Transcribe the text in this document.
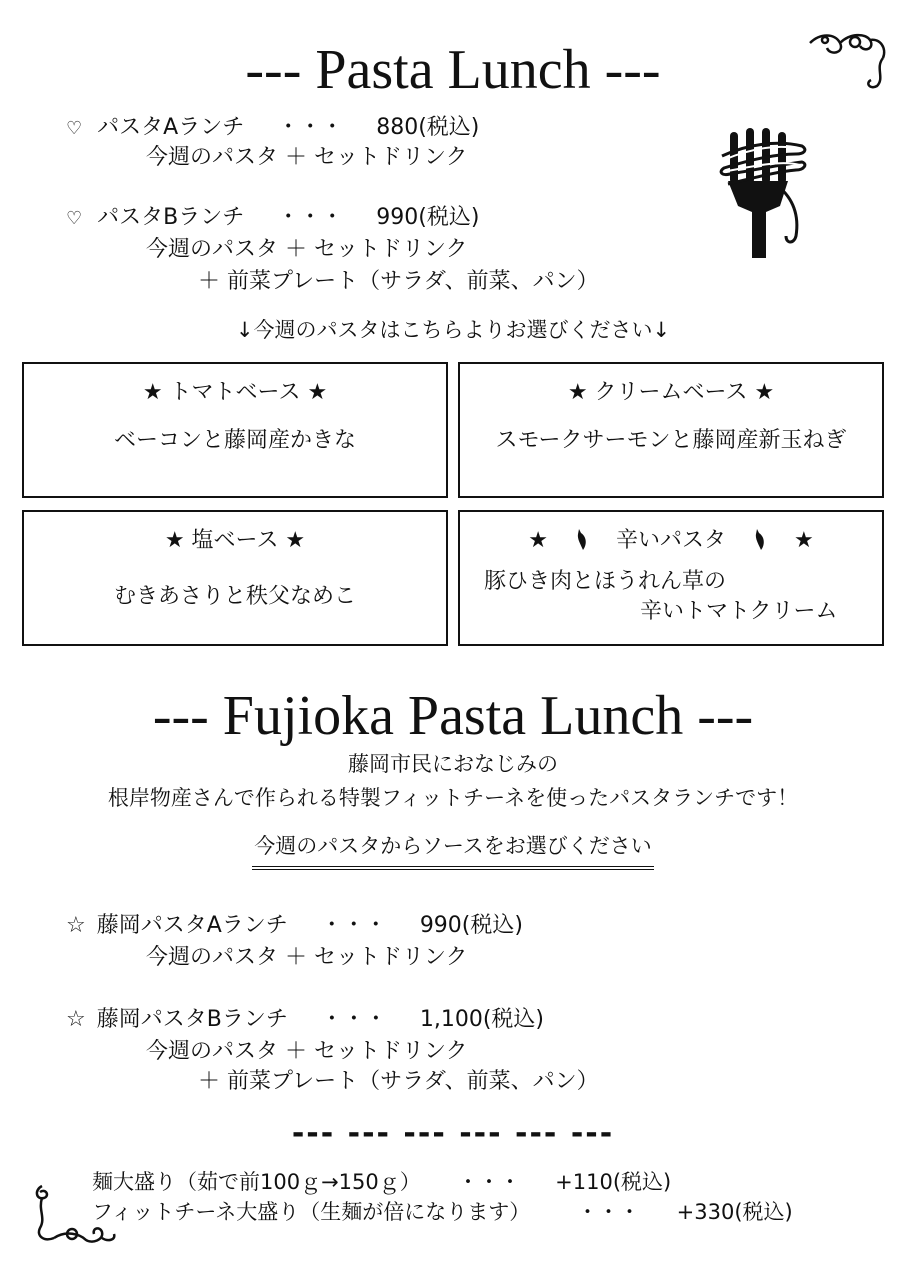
--- Pasta Lunch ---
♡ パスタAランチ ・・・ 880(税込)
今週のパスタ ＋ セットドリンク
♡ パスタBランチ ・・・ 990(税込)
今週のパスタ ＋ セットドリンク
＋ 前菜プレート（サラダ、前菜、パン）
↓今週のパスタはこちらよりお選びください↓
★ トマトベース ★
ベーコンと藤岡産かきな
★ クリームベース ★
スモークサーモンと藤岡産新玉ねぎ
★ 塩ベース ★
むきあさりと秩父なめこ
★	辛いパスタ	★
豚ひき肉とほうれん草の
辛いトマトクリーム
--- Fujioka Pasta Lunch ---
藤岡市民におなじみの
根岸物産さんで作られる特製フィットチーネを使ったパスタランチです！
今週のパスタからソースをお選びください
☆ 藤岡パスタAランチ ・・・ 990(税込)
今週のパスタ ＋ セットドリンク
☆ 藤岡パスタBランチ ・・・ 1,100(税込)
今週のパスタ ＋ セットドリンク
＋ 前菜プレート（サラダ、前菜、パン）
--- --- --- --- --- ---
麺大盛り（茹で前100ｇ→150ｇ） ・・・ +110(税込)
フィットチーネ大盛り（生麺が倍になります） ・・・ +330(税込)
